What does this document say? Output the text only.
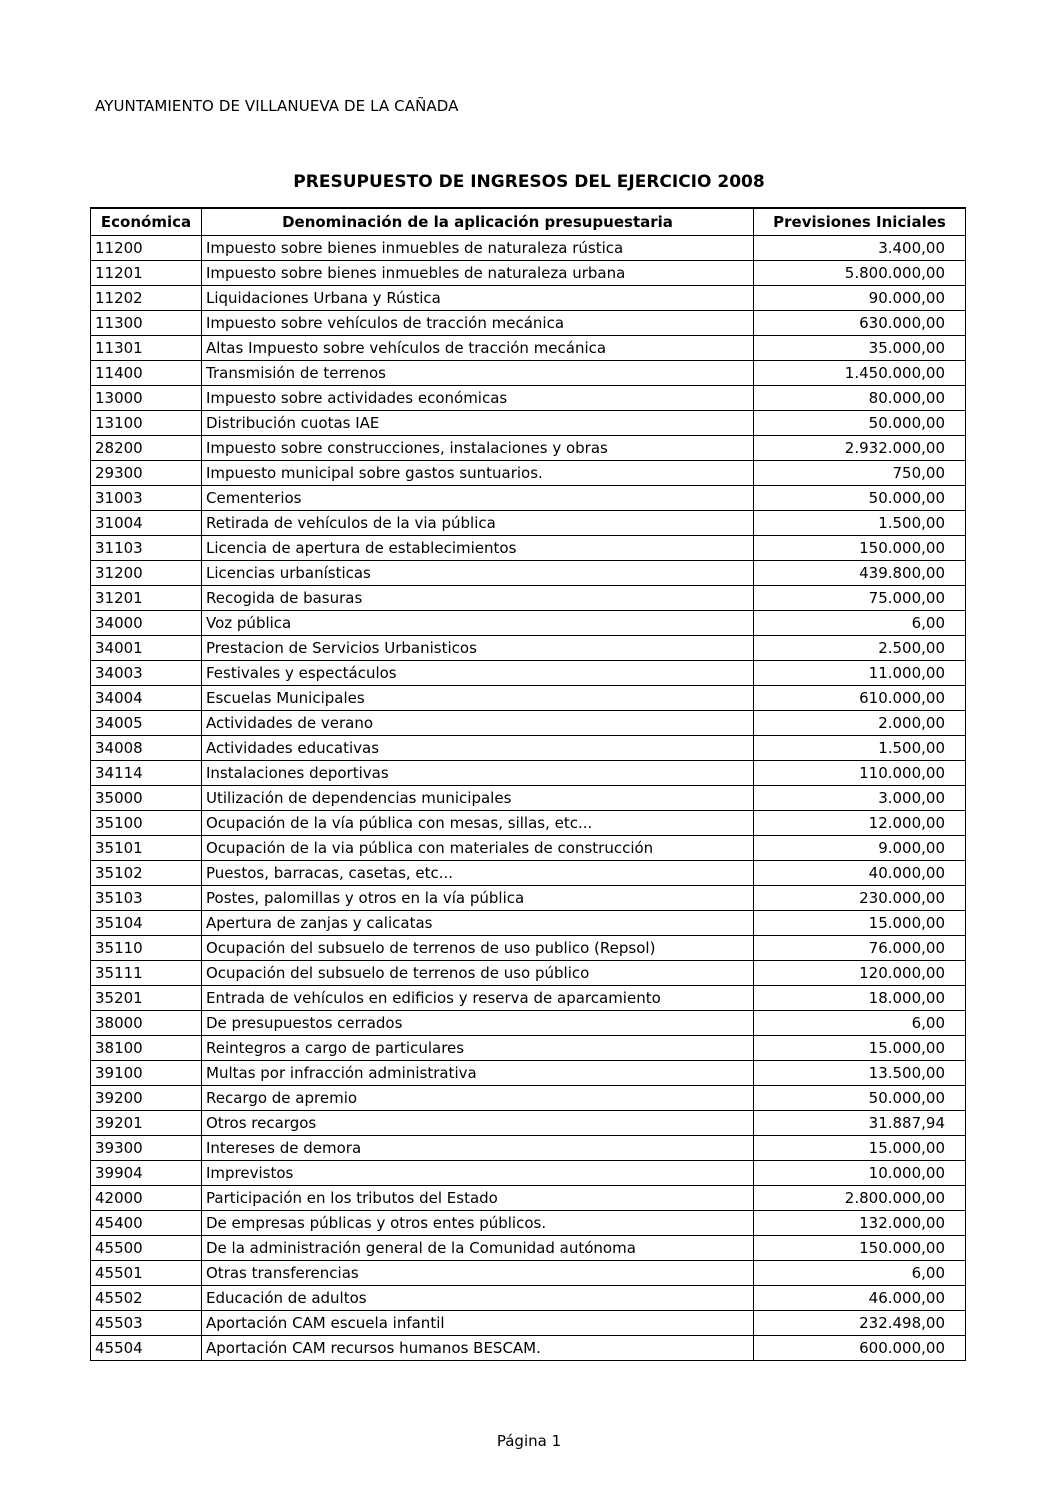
AYUNTAMIENTO DE VILLANUEVA DE LA CAÑADA
PRESUPUESTO DE INGRESOS DEL EJERCICIO 2008
Económica	Denominación de la aplicación presupuestaria	Previsiones Iniciales
11200	Impuesto sobre bienes inmuebles de naturaleza rústica	3.400,00
11201	Impuesto sobre bienes inmuebles de naturaleza urbana	5.800.000,00
11202	Liquidaciones Urbana y Rústica	90.000,00
11300	Impuesto sobre vehículos de tracción mecánica	630.000,00
11301	Altas Impuesto sobre vehículos de tracción mecánica	35.000,00
11400	Transmisión de terrenos	1.450.000,00
13000	Impuesto sobre actividades económicas	80.000,00
13100	Distribución cuotas IAE	50.000,00
28200	Impuesto sobre construcciones, instalaciones y obras	2.932.000,00
29300	Impuesto municipal sobre gastos suntuarios.	750,00
31003	Cementerios	50.000,00
31004	Retirada de vehículos de la via pública	1.500,00
31103	Licencia de apertura de establecimientos	150.000,00
31200	Licencias urbanísticas	439.800,00
31201	Recogida de basuras	75.000,00
34000	Voz pública	6,00
34001	Prestacion de Servicios Urbanisticos	2.500,00
34003	Festivales y espectáculos	11.000,00
34004	Escuelas Municipales	610.000,00
34005	Actividades de verano	2.000,00
34008	Actividades educativas	1.500,00
34114	Instalaciones deportivas	110.000,00
35000	Utilización de dependencias municipales	3.000,00
35100	Ocupación de la vía pública con mesas, sillas, etc...	12.000,00
35101	Ocupación de la via pública con materiales de construcción	9.000,00
35102	Puestos, barracas, casetas, etc...	40.000,00
35103	Postes, palomillas y otros en la vía pública	230.000,00
35104	Apertura de zanjas y calicatas	15.000,00
35110	Ocupación del subsuelo de terrenos de uso publico (Repsol)	76.000,00
35111	Ocupación del subsuelo de terrenos de uso público	120.000,00
35201	Entrada de vehículos en edificios y reserva de aparcamiento	18.000,00
38000	De presupuestos cerrados	6,00
38100	Reintegros a cargo de particulares	15.000,00
39100	Multas por infracción administrativa	13.500,00
39200	Recargo de apremio	50.000,00
39201	Otros recargos	31.887,94
39300	Intereses de demora	15.000,00
39904	Imprevistos	10.000,00
42000	Participación en los tributos del Estado	2.800.000,00
45400	De empresas públicas y otros entes públicos.	132.000,00
45500	De la administración general de la Comunidad autónoma	150.000,00
45501	Otras transferencias	6,00
45502	Educación de adultos	46.000,00
45503	Aportación CAM escuela infantil	232.498,00
45504	Aportación CAM recursos humanos BESCAM.	600.000,00
Página 1
